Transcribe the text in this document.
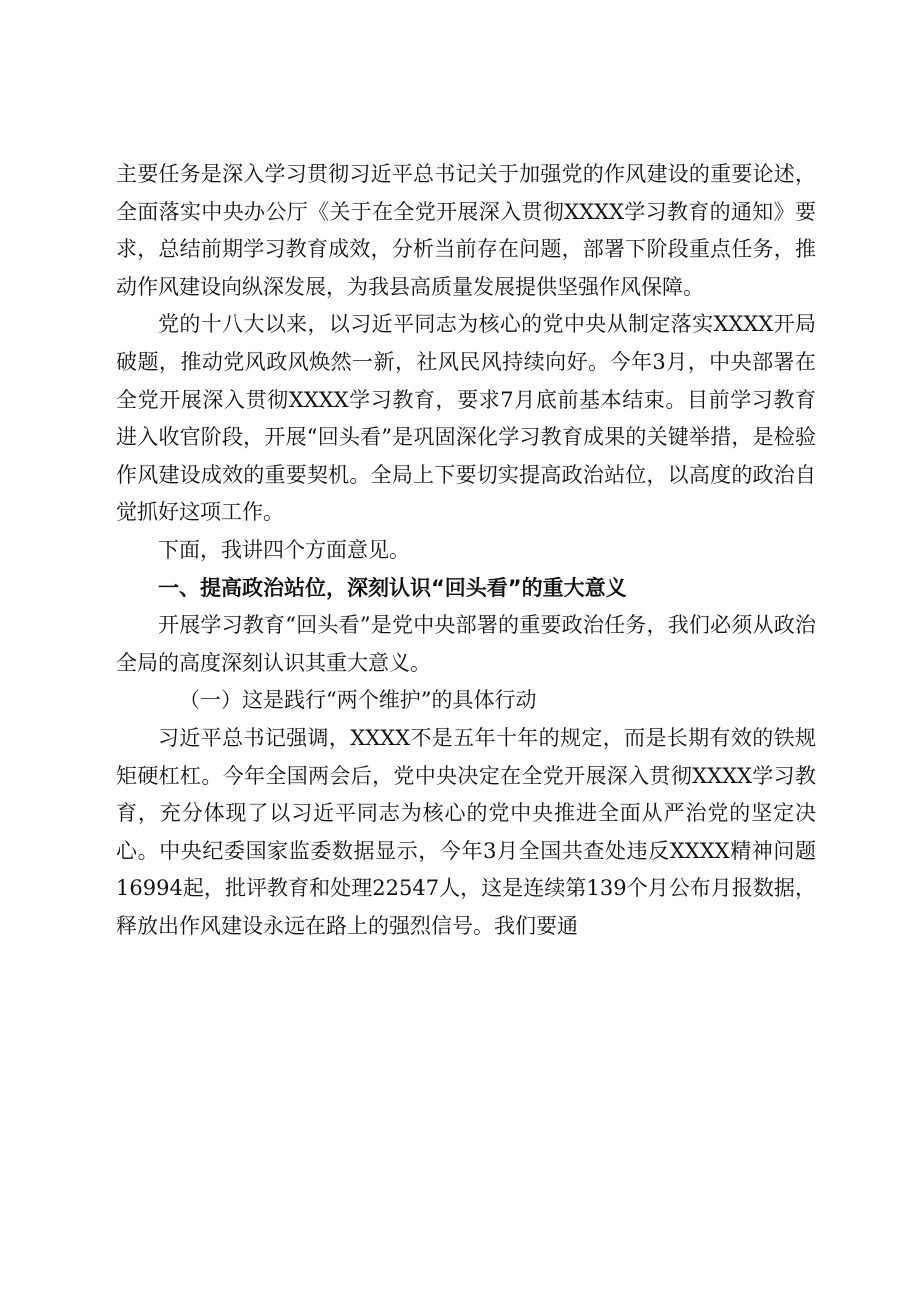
主要任务是深入学习贯彻习近平总书记关于加强党的作风建设的重要论述，全面落实中央办公厅《关于在全党开展深入贯彻XXXX学习教育的通知》要求，总结前期学习教育成效，分析当前存在问题，部署下阶段重点任务，推动作风建设向纵深发展，为我县高质量发展提供坚强作风保障。

党的十八大以来，以习近平同志为核心的党中央从制定落实XXXX开局破题，推动党风政风焕然一新，社风民风持续向好。今年3月，中央部署在全党开展深入贯彻XXXX学习教育，要求7月底前基本结束。目前学习教育进入收官阶段，开展“回头看”是巩固深化学习教育成果的关键举措，是检验作风建设成效的重要契机。全局上下要切实提高政治站位，以高度的政治自觉抓好这项工作。

下面，我讲四个方面意见。

一、提高政治站位，深刻认识“回头看”的重大意义

开展学习教育“回头看”是党中央部署的重要政治任务，我们必须从政治全局的高度深刻认识其重大意义。

（一）这是践行“两个维护”的具体行动

习近平总书记强调，XXXX不是五年十年的规定，而是长期有效的铁规矩硬杠杠。今年全国两会后，党中央决定在全党开展深入贯彻XXXX学习教育，充分体现了以习近平同志为核心的党中央推进全面从严治党的坚定决心。中央纪委国家监委数据显示，今年3月全国共查处违反XXXX精神问题16994起，批评教育和处理22547人，这是连续第139个月公布月报数据，释放出作风建设永远在路上的强烈信号。我们要通
